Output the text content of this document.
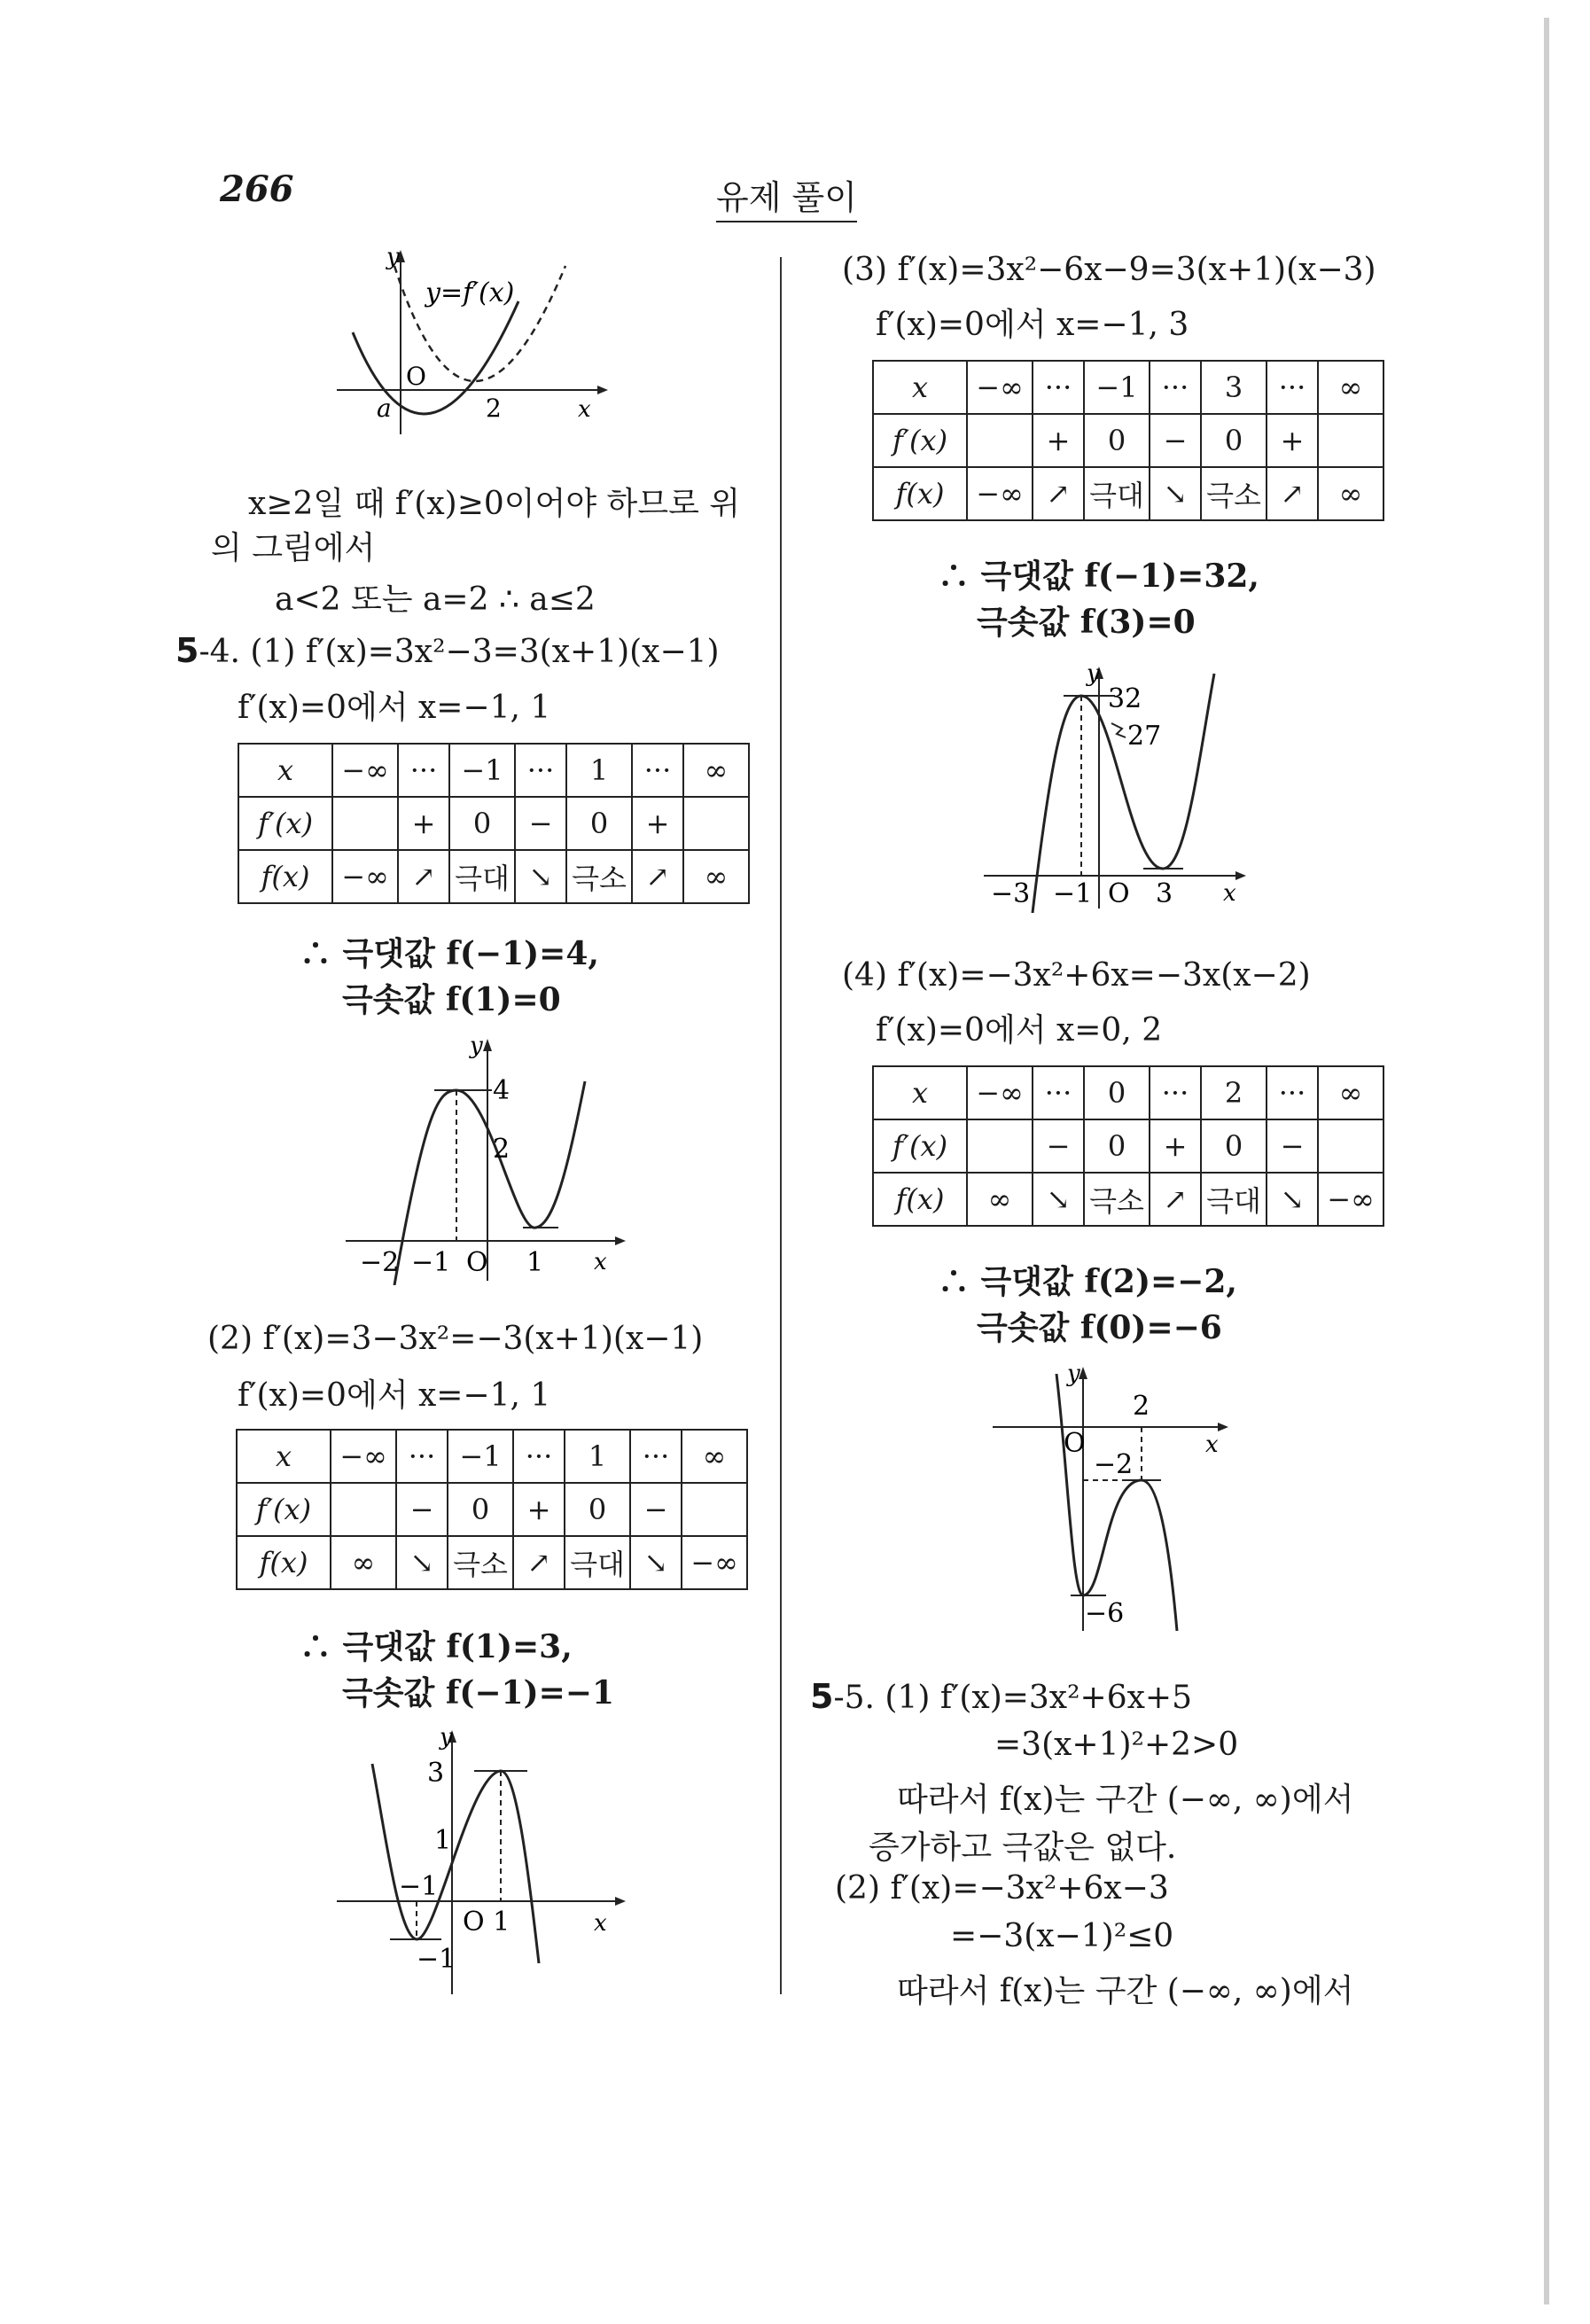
266	유제 풀이
y
y=f′(x)
O
a	2	x
x≥2일 때 f′(x)≥0이어야 하므로 위
의 그림에서
a<2 또는 a=2 ∴ a≤2
5-4. (1) f′(x)=3x²−3=3(x+1)(x−1)
f′(x)=0에서 x=−1, 1
x	−∞	···	−1	···	1	···	∞
f′(x)		+	0	−	0	+	
f(x)	−∞	↗	극대	↘	극소	↗	∞
∴ 극댓값 f(−1)=4,
극솟값 f(1)=0
y
4
2
−2 −1 O 1 x
(2) f′(x)=3−3x²=−3(x+1)(x−1)
f′(x)=0에서 x=−1, 1
x	−∞	···	−1	···	1	···	∞
f′(x)		−	0	+	0	−	
f(x)	∞	↘	극소	↗	극대	↘	−∞
∴ 극댓값 f(1)=3,
극솟값 f(−1)=−1
y
3
1
−1
O 1
−1
x
(3) f′(x)=3x²−6x−9=3(x+1)(x−3)
f′(x)=0에서 x=−1, 3
x	−∞	···	−1	···	3	···	∞
f′(x)		+	0	−	0	+	
f(x)	−∞	↗	극대	↘	극소	↗	∞
∴ 극댓값 f(−1)=32,
극솟값 f(3)=0
y
32
27
−3 −1 O 3 x
(4) f′(x)=−3x²+6x=−3x(x−2)
f′(x)=0에서 x=0, 2
x	−∞	···	0	···	2	···	∞
f′(x)		−	0	+	0	−	
f(x)	∞	↘	극소	↗	극대	↘	−∞
∴ 극댓값 f(2)=−2,
극솟값 f(0)=−6
y
O
2
−2
−6
x
5-5. (1) f′(x)=3x²+6x+5
=3(x+1)²+2>0
따라서 f(x)는 구간 (−∞, ∞)에서
증가하고 극값은 없다.
(2) f′(x)=−3x²+6x−3
=−3(x−1)²≤0
따라서 f(x)는 구간 (−∞, ∞)에서
